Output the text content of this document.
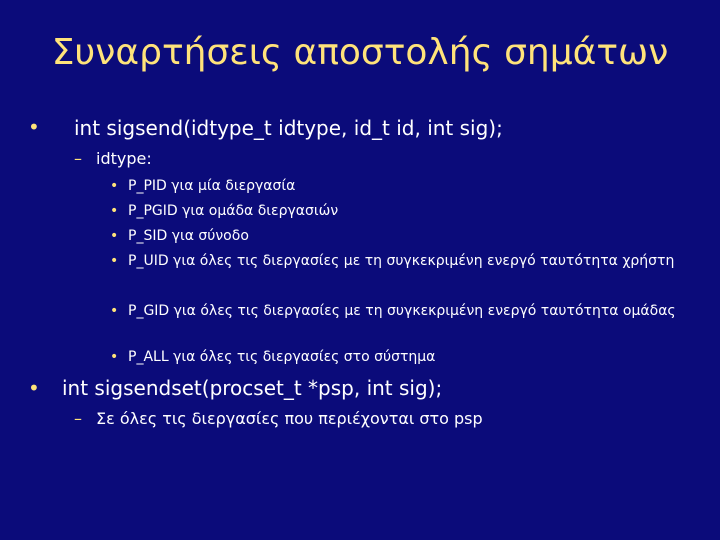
Συναρτήσεις αποστολής σημάτων
• int sigsend(idtype_t idtype, id_t id, int sig);
– idtype:
• P_PID για μία διεργασία
• P_PGID για ομάδα διεργασιών
• P_SID για σύνοδο
• P_UID για όλες τις διεργασίες με τη συγκεκριμένη ενεργό ταυτότητα χρήστη
• P_GID για όλες τις διεργασίες με τη συγκεκριμένη ενεργό ταυτότητα ομάδας
• P_ALL για όλες τις διεργασίες στο σύστημα
• int sigsendset(procset_t *psp, int sig);
– Σε όλες τις διεργασίες που περιέχονται στο psp
